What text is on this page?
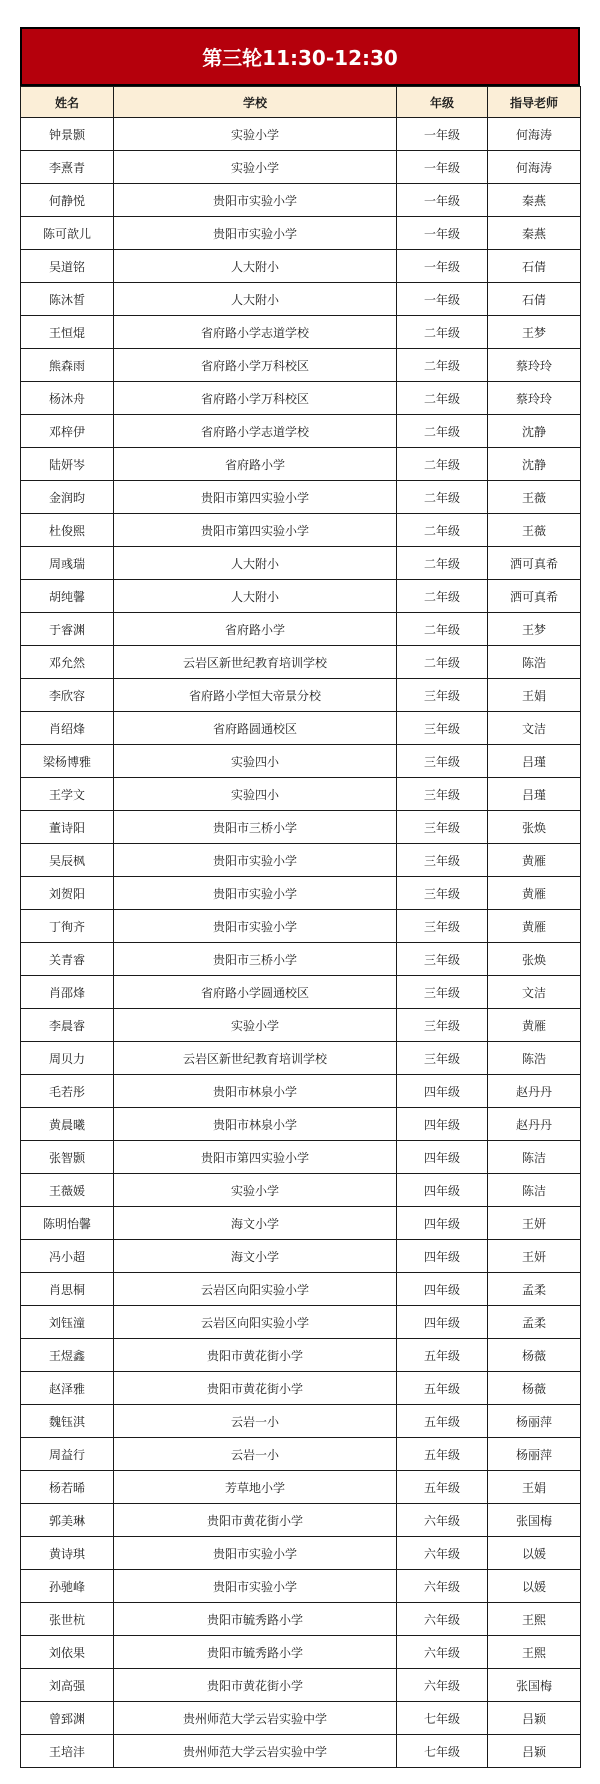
第三轮11:30-12:30
姓名	学校	年级	指导老师
钟景颢	实验小学	一年级	何海涛
李熹青	实验小学	一年级	何海涛
何静悦	贵阳市实验小学	一年级	秦燕
陈可歆儿	贵阳市实验小学	一年级	秦燕
吴道铭	人大附小	一年级	石倩
陈沐皙	人大附小	一年级	石倩
王恒焜	省府路小学志道学校	二年级	王梦
熊森雨	省府路小学万科校区	二年级	蔡玲玲
杨沐舟	省府路小学万科校区	二年级	蔡玲玲
邓梓伊	省府路小学志道学校	二年级	沈静
陆妍岑	省府路小学	二年级	沈静
金润昀	贵阳市第四实验小学	二年级	王薇
杜俊熙	贵阳市第四实验小学	二年级	王薇
周彧瑞	人大附小	二年级	洒可真希
胡纯馨	人大附小	二年级	洒可真希
于睿渊	省府路小学	二年级	王梦
邓允然	云岩区新世纪教育培训学校	二年级	陈浩
李欣容	省府路小学恒大帝景分校	三年级	王娟
肖绍烽	省府路圆通校区	三年级	文洁
梁杨博雅	实验四小	三年级	吕瑾
王学文	实验四小	三年级	吕瑾
董诗阳	贵阳市三桥小学	三年级	张焕
吴辰枫	贵阳市实验小学	三年级	黄雁
刘贺阳	贵阳市实验小学	三年级	黄雁
丁徇齐	贵阳市实验小学	三年级	黄雁
关青睿	贵阳市三桥小学	三年级	张焕
肖邵烽	省府路小学圆通校区	三年级	文洁
李晨睿	实验小学	三年级	黄雁
周贝力	云岩区新世纪教育培训学校	三年级	陈浩
毛若彤	贵阳市林泉小学	四年级	赵丹丹
黄晨曦	贵阳市林泉小学	四年级	赵丹丹
张智颢	贵阳市第四实验小学	四年级	陈洁
王薇媛	实验小学	四年级	陈洁
陈明怡馨	海文小学	四年级	王妍
冯小超	海文小学	四年级	王妍
肖思桐	云岩区向阳实验小学	四年级	孟柔
刘钰潼	云岩区向阳实验小学	四年级	孟柔
王煜鑫	贵阳市黄花街小学	五年级	杨薇
赵泽雅	贵阳市黄花街小学	五年级	杨薇
魏钰淇	云岩一小	五年级	杨丽萍
周益行	云岩一小	五年级	杨丽萍
杨若晞	芳草地小学	五年级	王娟
郭美琳	贵阳市黄花街小学	六年级	张国梅
黄诗琪	贵阳市实验小学	六年级	以媛
孙驰峰	贵阳市实验小学	六年级	以媛
张世杭	贵阳市毓秀路小学	六年级	王熙
刘依果	贵阳市毓秀路小学	六年级	王熙
刘高强	贵阳市黄花街小学	六年级	张国梅
曾郅渊	贵州师范大学云岩实验中学	七年级	吕颖
王培沣	贵州师范大学云岩实验中学	七年级	吕颖
